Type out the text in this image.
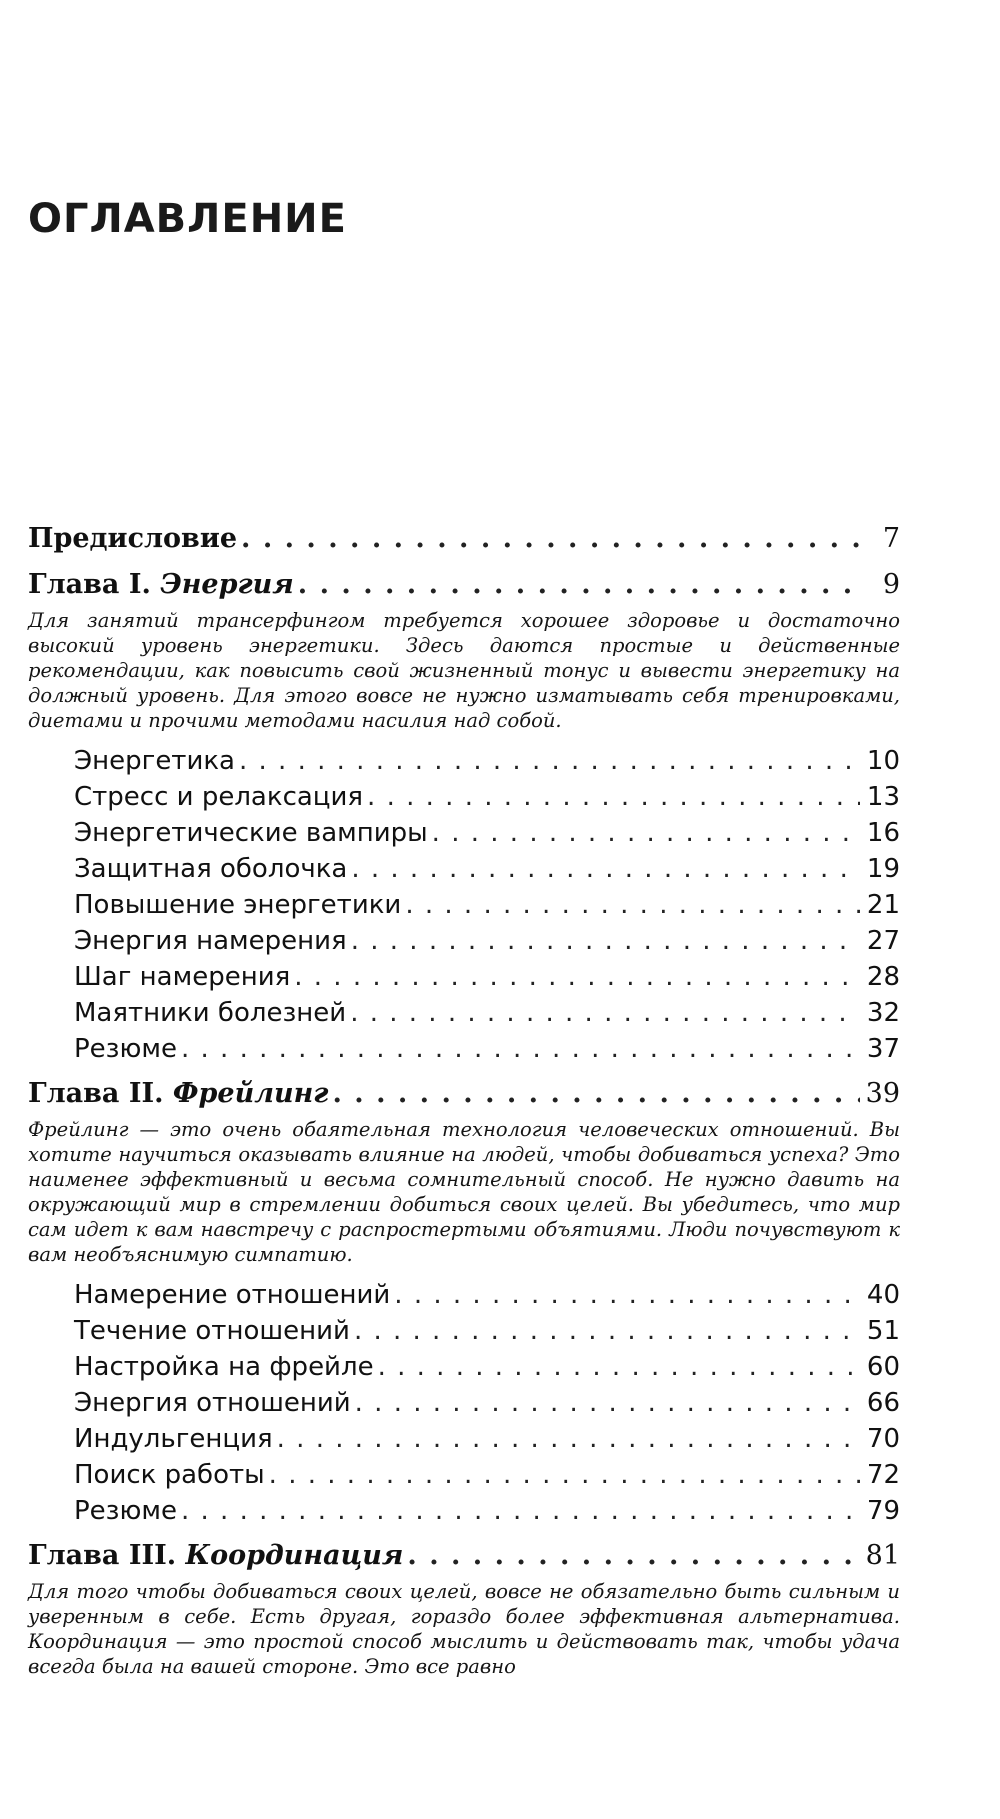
ОГЛАВЛЕНИЕ
Предисловие . . .	7
Глава I. Энергия . . .	9

Для занятий трансерфингом требуется хорошее здоровье и достаточно высокий уровень энергетики. Здесь даются простые и действенные рекомендации, как повысить свой жизненный тонус и вывести энергетику на должный уровень. Для этого вовсе не нужно изматывать себя тренировками, диетами и прочими методами насилия над собой.

Энергетика . . .	10
Стресс и релаксация . . .	13
Энергетические вампиры . . .	16
Защитная оболочка . . .	19
Повышение энергетики . . .	21
Энергия намерения . . .	27
Шаг намерения . . .	28
Маятники болезней . . .	32
Резюме . . .	37
Глава II. Фрейлинг . . .	39

Фрейлинг — это очень обаятельная технология человеческих отношений. Вы хотите научиться оказывать влияние на людей, чтобы добиваться успеха? Это наименее эффективный и весьма сомнительный способ. Не нужно давить на окружающий мир в стремлении добиться своих целей. Вы убедитесь, что мир сам идет к вам навстречу с распростертыми объятиями. Люди почувствуют к вам необъяснимую симпатию.

Намерение отношений . . .	40
Течение отношений . . .	51
Настройка на фрейле . . .	60
Энергия отношений . . .	66
Индульгенция . . .	70
Поиск работы . . .	72
Резюме . . .	79
Глава III. Координация . . .	81

Для того чтобы добиваться своих целей, вовсе не обязательно быть сильным и уверенным в себе. Есть другая, гораздо более эффективная альтернатива. Координация — это простой способ мыслить и действовать так, чтобы удача всегда была на вашей стороне. Это все равно
